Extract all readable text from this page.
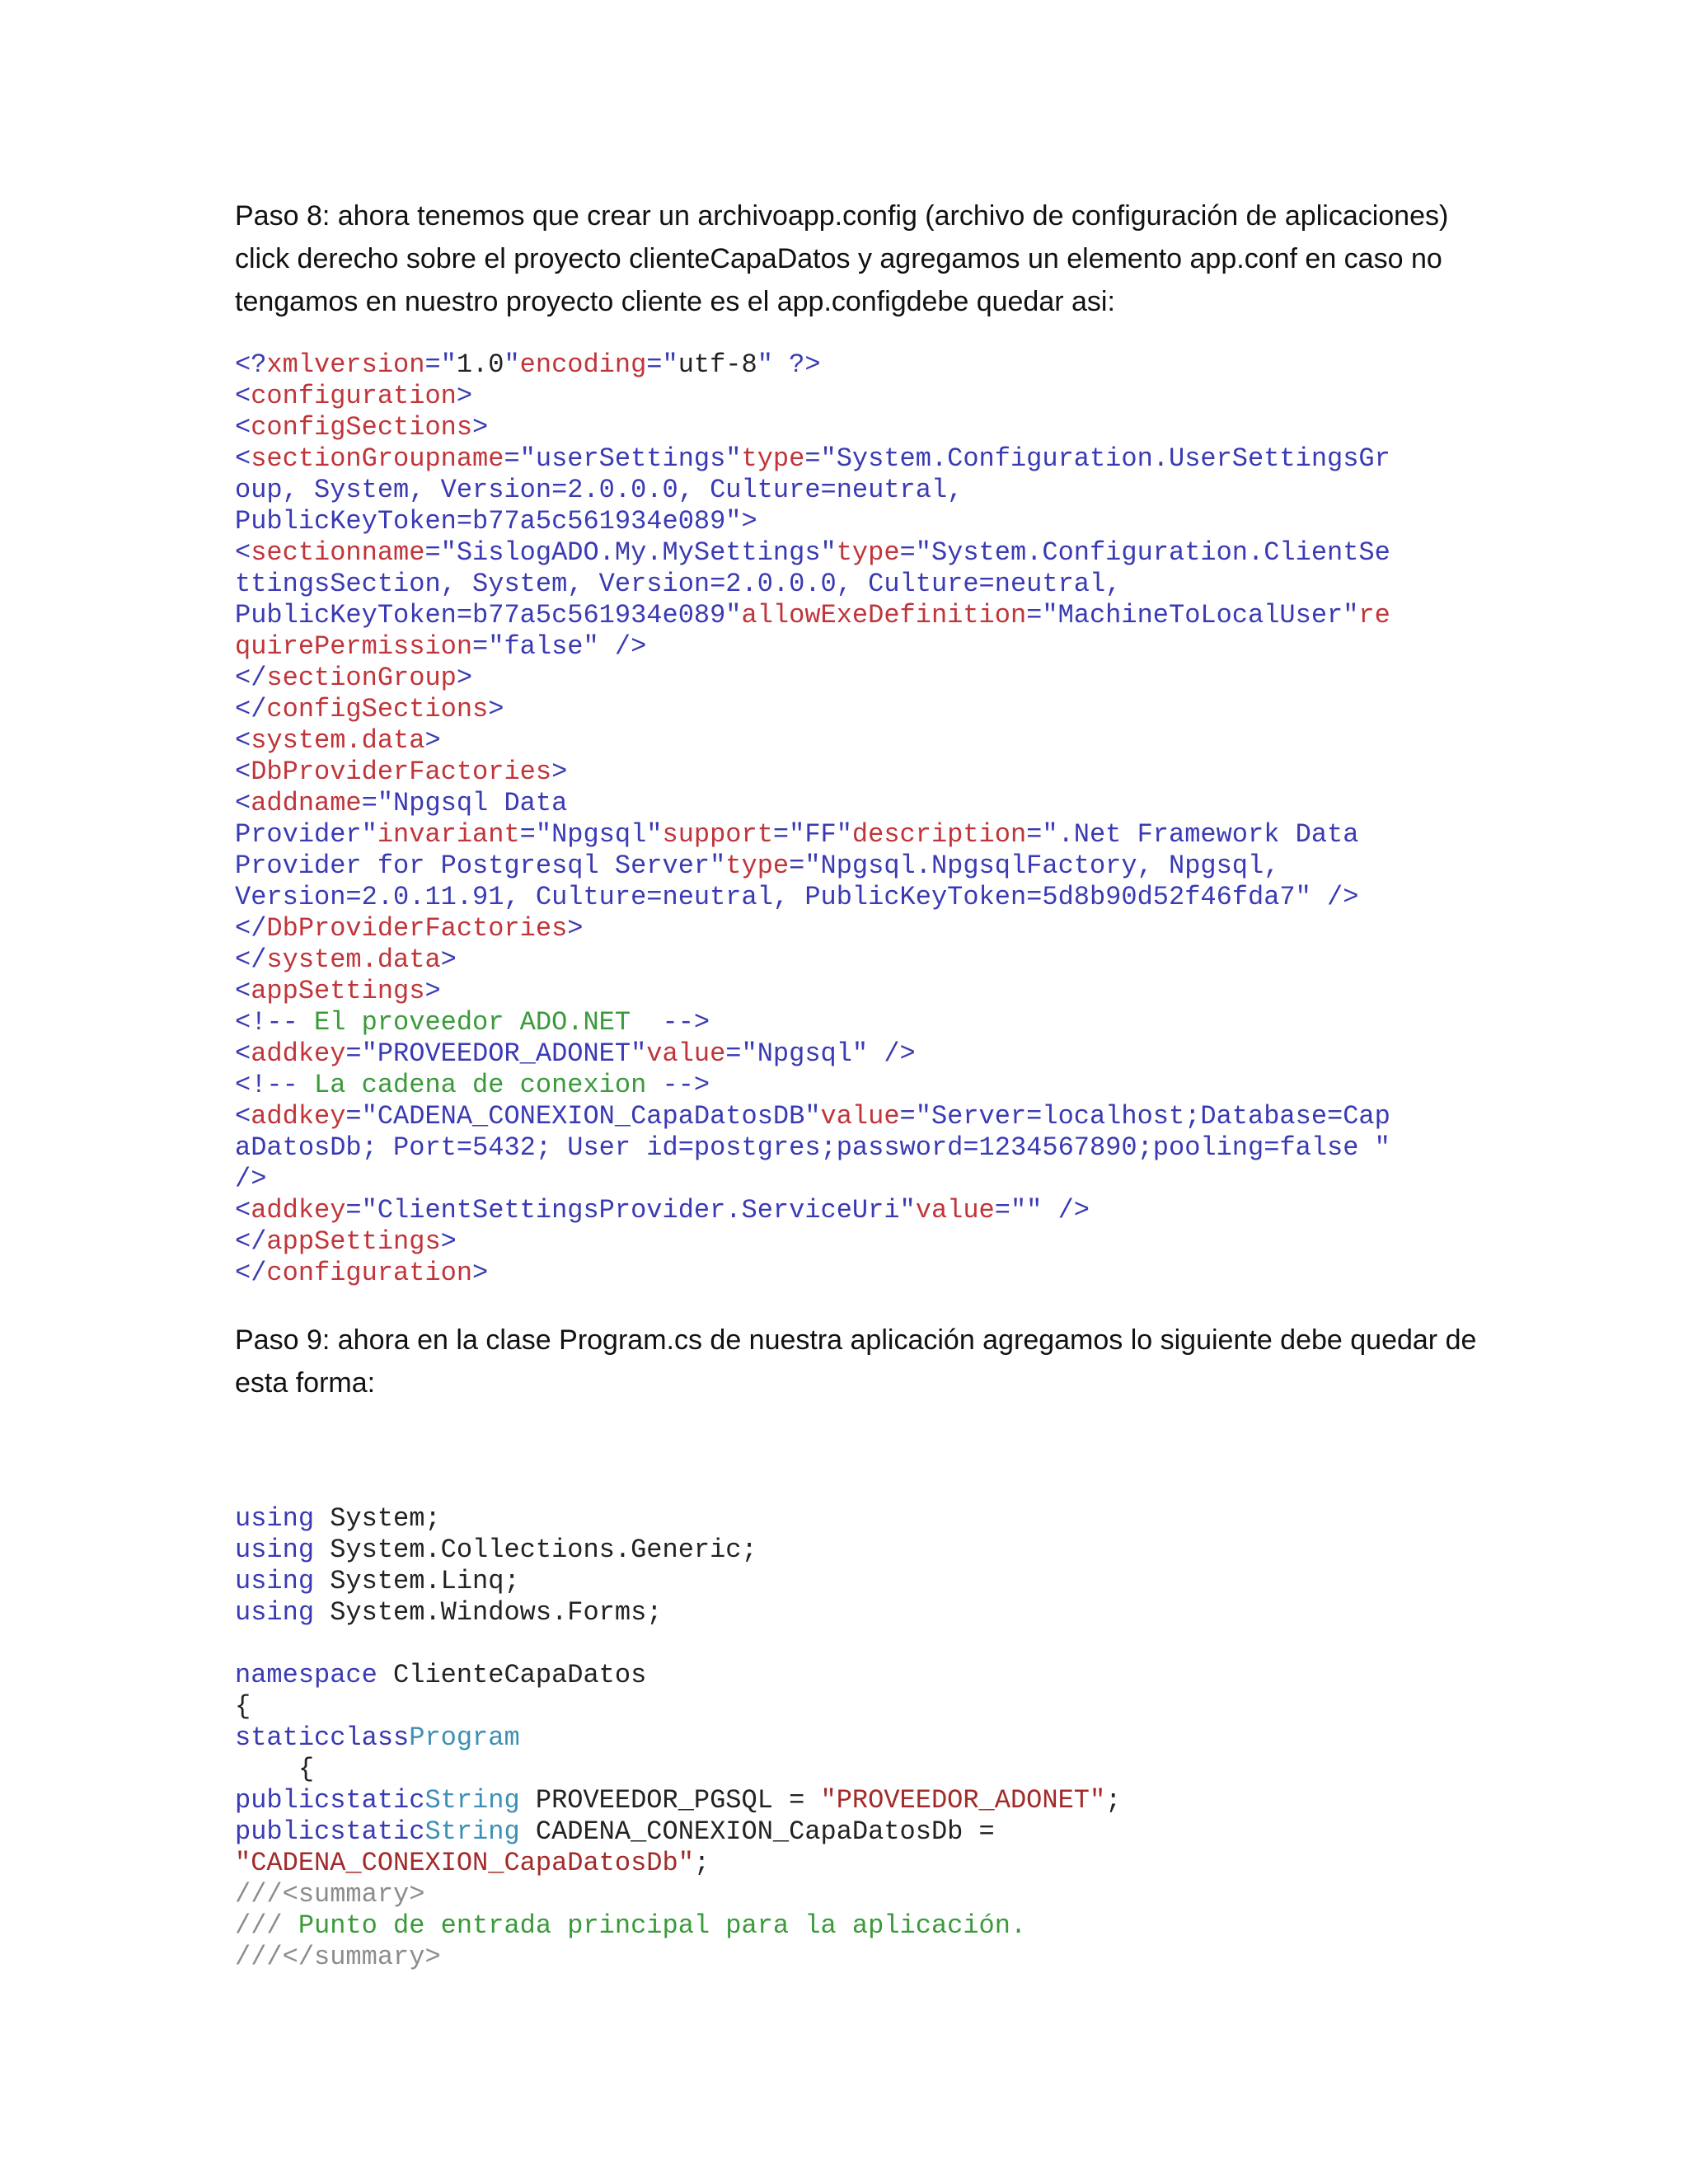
Paso 8: ahora tenemos que crear un archivoapp.config (archivo de configuración de aplicaciones)
click derecho sobre el proyecto clienteCapaDatos y agregamos un elemento app.conf en caso no
tengamos en nuestro proyecto cliente es el app.configdebe quedar asi:
<?xmlversion="1.0"encoding="utf-8" ?>
<configuration>
<configSections>
<sectionGroupname="userSettings"type="System.Configuration.UserSettingsGr
oup, System, Version=2.0.0.0, Culture=neutral,
PublicKeyToken=b77a5c561934e089">
<sectionname="SislogADO.My.MySettings"type="System.Configuration.ClientSe
ttingsSection, System, Version=2.0.0.0, Culture=neutral,
PublicKeyToken=b77a5c561934e089"allowExeDefinition="MachineToLocalUser"re
quirePermission="false" />
</sectionGroup>
</configSections>
<system.data>
<DbProviderFactories>
<addname="Npgsql Data
Provider"invariant="Npgsql"support="FF"description=".Net Framework Data
Provider for Postgresql Server"type="Npgsql.NpgsqlFactory, Npgsql,
Version=2.0.11.91, Culture=neutral, PublicKeyToken=5d8b90d52f46fda7" />
</DbProviderFactories>
</system.data>
<appSettings>
<!-- El proveedor ADO.NET  -->
<addkey="PROVEEDOR_ADONET"value="Npgsql" />
<!-- La cadena de conexion -->
<addkey="CADENA_CONEXION_CapaDatosDB"value="Server=localhost;Database=Cap
aDatosDb; Port=5432; User id=postgres;password=1234567890;pooling=false "
/>
<addkey="ClientSettingsProvider.ServiceUri"value="" />
</appSettings>
</configuration>
Paso 9: ahora en la clase Program.cs de nuestra aplicación agregamos lo siguiente debe quedar de
esta forma:
using System;
using System.Collections.Generic;
using System.Linq;
using System.Windows.Forms;
namespace ClienteCapaDatos
{
staticclassProgram
{
publicstaticString PROVEEDOR_PGSQL = "PROVEEDOR_ADONET";
publicstaticString CADENA_CONEXION_CapaDatosDb =
"CADENA_CONEXION_CapaDatosDb";
///<summary>
/// Punto de entrada principal para la aplicación.
///</summary>
